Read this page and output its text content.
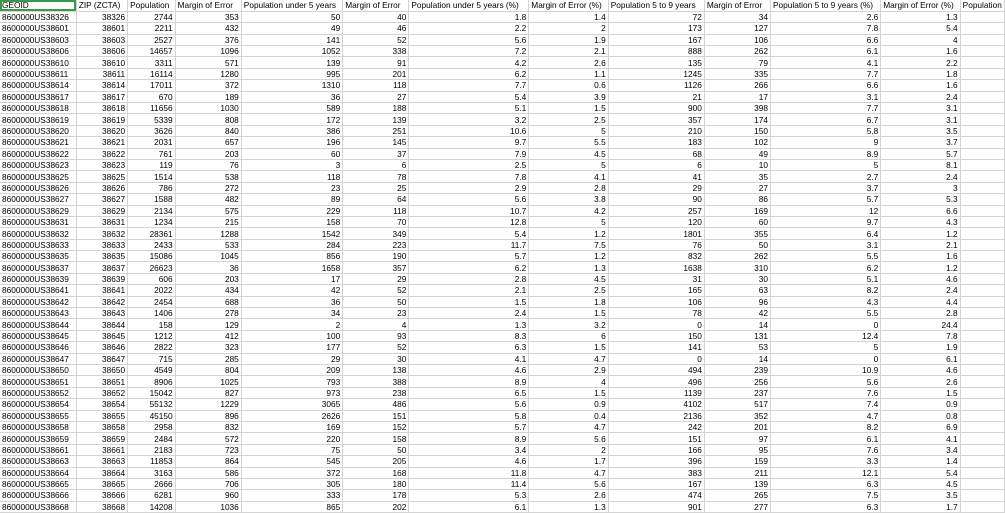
GEOID	ZIP (ZCTA)	Population	Margin of Error	Population under 5 years	Margin of Error	Population under 5 years (%)	Margin of Error (%)	Population 5 to 9 years	Margin of Error	Population 5 to 9 years (%)	Margin of Error (%)	Population
8600000US38326	38326	2744	353	50	40	1.8	1.4	72	34	2.6	1.3	
8600000US38601	38601	2211	432	49	46	2.2	2	173	127	7.8	5.4	
8600000US38603	38603	2527	376	141	52	5.6	1.9	167	106	6.6	4	
8600000US38606	38606	14657	1096	1052	338	7.2	2.1	888	262	6.1	1.6	
8600000US38610	38610	3311	571	139	91	4.2	2.6	135	79	4.1	2.2	
8600000US38611	38611	16114	1280	995	201	6.2	1.1	1245	335	7.7	1.8	
8600000US38614	38614	17011	372	1310	118	7.7	0.6	1126	266	6.6	1.6	
8600000US38617	38617	670	189	36	27	5.4	3.9	21	17	3.1	2.4	
8600000US38618	38618	11656	1030	589	188	5.1	1.5	900	398	7.7	3.1	
8600000US38619	38619	5339	808	172	139	3.2	2.5	357	174	6.7	3.1	
8600000US38620	38620	3626	840	386	251	10.6	5	210	150	5.8	3.5	
8600000US38621	38621	2031	657	196	145	9.7	5.5	183	102	9	3.7	
8600000US38622	38622	761	203	60	37	7.9	4.5	68	49	8.9	5.7	
8600000US38623	38623	119	76	3	6	2.5	5	6	10	5	8.1	
8600000US38625	38625	1514	538	118	78	7.8	4.1	41	35	2.7	2.4	
8600000US38626	38626	786	272	23	25	2.9	2.8	29	27	3.7	3	
8600000US38627	38627	1588	482	89	64	5.6	3.8	90	86	5.7	5.3	
8600000US38629	38629	2134	575	229	118	10.7	4.2	257	169	12	6.6	
8600000US38631	38631	1234	215	158	70	12.8	5	120	60	9.7	4.3	
8600000US38632	38632	28361	1288	1542	349	5.4	1.2	1801	355	6.4	1.2	
8600000US38633	38633	2433	533	284	223	11.7	7.5	76	50	3.1	2.1	
8600000US38635	38635	15086	1045	856	190	5.7	1.2	832	262	5.5	1.6	
8600000US38637	38637	26623	36	1658	357	6.2	1.3	1638	310	6.2	1.2	
8600000US38639	38639	606	203	17	29	2.8	4.5	31	30	5.1	4.6	
8600000US38641	38641	2022	434	42	52	2.1	2.5	165	63	8.2	2.4	
8600000US38642	38642	2454	688	36	50	1.5	1.8	106	96	4.3	4.4	
8600000US38643	38643	1406	278	34	23	2.4	1.5	78	42	5.5	2.8	
8600000US38644	38644	158	129	2	4	1.3	3.2	0	14	0	24.4	
8600000US38645	38645	1212	412	100	93	8.3	6	150	131	12.4	7.8	
8600000US38646	38646	2822	323	177	52	6.3	1.5	141	53	5	1.9	
8600000US38647	38647	715	285	29	30	4.1	4.7	0	14	0	6.1	
8600000US38650	38650	4549	804	209	138	4.6	2.9	494	239	10.9	4.6	
8600000US38651	38651	8906	1025	793	388	8.9	4	496	256	5.6	2.6	
8600000US38652	38652	15042	827	973	238	6.5	1.5	1139	237	7.6	1.5	
8600000US38654	38654	55132	1229	3065	486	5.6	0.9	4102	517	7.4	0.9	
8600000US38655	38655	45150	896	2626	151	5.8	0.4	2136	352	4.7	0.8	
8600000US38658	38658	2958	832	169	152	5.7	4.7	242	201	8.2	6.9	
8600000US38659	38659	2484	572	220	158	8.9	5.6	151	97	6.1	4.1	
8600000US38661	38661	2183	723	75	50	3.4	2	166	95	7.6	3.4	
8600000US38663	38663	11853	864	545	205	4.6	1.7	396	159	3.3	1.4	
8600000US38664	38664	3163	586	372	168	11.8	4.7	383	211	12.1	5.4	
8600000US38665	38665	2666	706	305	180	11.4	5.6	167	139	6.3	4.5	
8600000US38666	38666	6281	960	333	178	5.3	2.6	474	265	7.5	3.5	
8600000US38668	38668	14208	1036	865	202	6.1	1.3	901	277	6.3	1.7	
